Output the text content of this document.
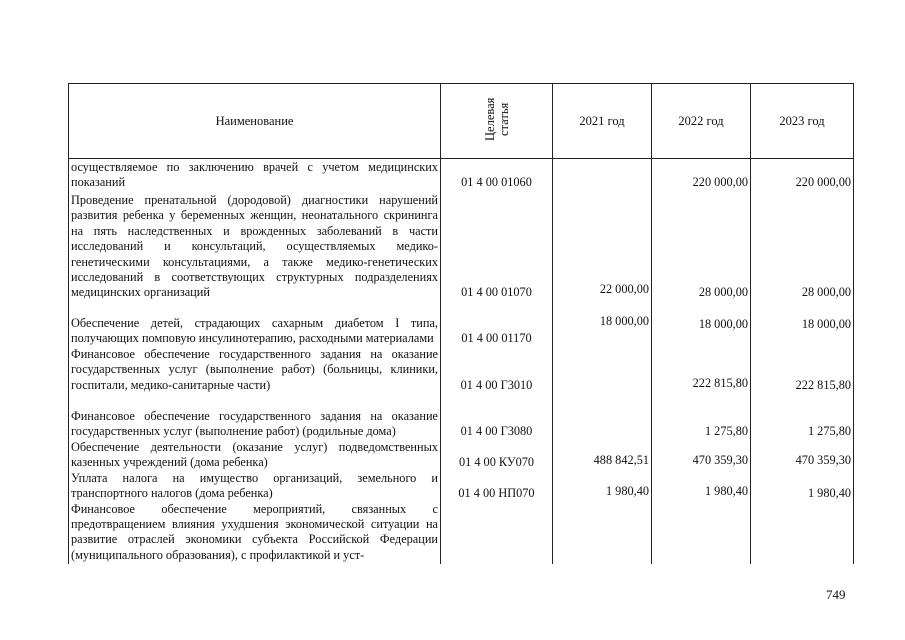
Наименование	Целевая статья	2021 год	2022 год	2023 год
осуществляемое по заключению врачей с учетом медицинских показаний	01 4 00 01060		220 000,00	220 000,00
Проведение пренатальной (дородовой) диагностики нарушений развития ребенка у беременных женщин, неонатального скрининга на пять наследственных и врожденных заболеваний в части исследований и консультаций, осуществляемых медико-генетическими консультациями, а также медико-генетических исследований в соответствующих структурных подразделениях медицинских организаций	01 4 00 01070	22 000,00	28 000,00	28 000,00
Обеспечение детей, страдающих сахарным диабетом I типа, получающих помповую инсулинотерапию, расходными материалами	01 4 00 01170	18 000,00	18 000,00	18 000,00
Финансовое обеспечение государственного задания на оказание государственных услуг (выполнение работ) (больницы, клиники, госпитали, медико-санитарные части)	01 4 00 Г3010		222 815,80	222 815,80
Финансовое обеспечение государственного задания на оказание государственных услуг (выполнение работ) (родильные дома)	01 4 00 Г3080		1 275,80	1 275,80
Обеспечение деятельности (оказание услуг) подведомственных казенных учреждений (дома ребенка)	01 4 00 КУ070	488 842,51	470 359,30	470 359,30
Уплата налога на имущество организаций, земельного и транспортного налогов (дома ребенка)	01 4 00 НП070	1 980,40	1 980,40	1 980,40
Финансовое обеспечение мероприятий, связанных с предотвращением влияния ухудшения экономической ситуации на развитие отраслей экономики субъекта Российской Федерации (муниципального образования), с профилактикой и уст-				
749
